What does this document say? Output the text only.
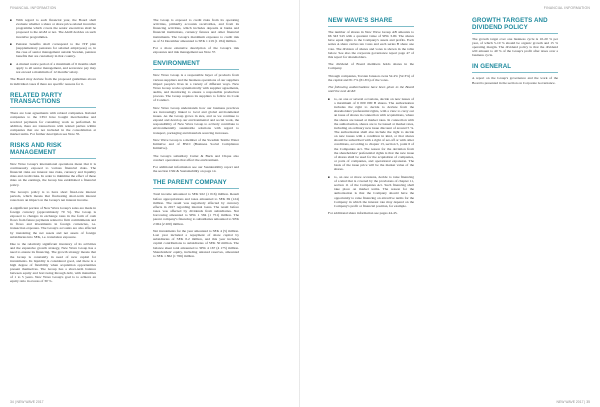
FINANCIAL INFORMATION

■ With regard to each financial year, the Board shall evaluate whether a share or share price-related incentive programme which covers the senior executives shall be proposed to the AGM or not. The AGM decides on such incentive programmes.

■ Pension benefits shall correspond to the ITP plan (supplementary pensions for salaried employees) or, in the case of senior management outside Sweden, pension benefits that are customary in that country.

■ A mutual notice period of a maximum of 6 months shall apply to all senior management, and severance pay may not exceed a maximum of 12 months' salary.

The Board may deviate from the proposed guidelines above in individual cases if there are specific reasons for it.

RELATED PARTY TRANSACTIONS

There are loan agreements with related companies. Related companies to the CEO have bought merchandise and received payments for consulting work as performed. In addition, there are transactions with related parties within companies that are not included in the consolidation at market terms. For further description see Note 35.

RISKS AND RISK MANAGEMENT

New Wave Group's international operations mean that it is continuously exposed to various financial risks. The financial risks are interest rate risks, currency and liquidity risks and credit risks. In order to minimise the effect of these risks on the earnings, the Group has established a financial policy.

The Group's policy is to have short fixed-rate interest periods, which means that fluctuating short-term interest rates have an impact on the Group's net interest income.

A significant portion of New Wave Group's sales are made in foreign currency (approximately 70 %). The Group is exposed to changes in exchange rates in the form of cash flows from future payments related to firm commitments and in flows and investments in foreign currencies, i.e. transaction exposure. The Group's accounts are also affected by translating the net assets and net assets of foreign subsidiaries into SEK, i.e. translation exposure.

Due to the relatively significant inventory of its activities and the expansive growth strategy, New Wave Group has a need to ensure its financing. The growth strategy means that the Group is constantly in need of new capital for investments. Its liquidity is considered good, and there is a high degree of flexibility when acquisition opportunities present themselves. The Group has a short-term balance between equity and borrowing through debt, with maturities of 1 to 5 years. New Wave Group's goal is to achieve an equity ratio in excess of 30 %.

The Group is exposed to credit risks from its operating activities, primarily accounts receivables, and from its financing activities, which includes deposits at banks and financial institutions, currency futures and other financial instruments. The Group's maximum exposure to credit risk as of 31 December amounted to SEK 1 219 (1 184) million.

For a more extensive description of the Group's risk exposures and risk management see Note 37.

ENVIRONMENT

New Wave Group is a responsible buyer of products from various suppliers and the business operations of our suppliers impact people's lives in a variety of different ways. New Wave Group works systematically with supplier agreements, audits, and monitoring to ensure a responsible production process. The Group requires its suppliers to follow its Code of Conduct.

New Wave Group understands how our business practices are increasingly linked to local and global environmental issues. As the Group grows in size, and as we continue to expand and develop our environmental and social work, the responsibility of New Wave Group to actively contribute to environmentally sustainable solutions with regard to transport, packaging and materials sourcing increases.

New Wave Group is a member of the Swedish Textile Water Initiative and of BSCI (Business Social Compliance Initiative).

The Group's subsidiary Cutter & Buck and Clique also conduct operations that affect the environment.

For additional information see our Sustainability report and the section CSR & Sustainability on page 14.

THE PARENT COMPANY

Total income amounted to SEK 922 (1 016) million. Result before appropriations and taxes amounted to SEK 69 (124) million. The result was negatively affected by currency effects in 2017 regarding internal loans. The result before taxes was affected by dividends from subsidiaries. Net borrowing amounted to SEK 1 584 (1 751) million. The parent company's financing to subsidiaries amounted to SEK 2 064 (2 200) million.

Net investments for the year amounted to SEK 4 (5) million. Last year included a repayment of share capital by subsidiaries of SEK 0.2 million, and this year includes capital contributions to subsidiaries of SEK 50 million. The balance sheet total amounted to SEK 4 167 (4 175) million. Shareholders' equity, including untaxed reserves, amounted to SEK 1 862 (1 766) million.

34 | NEW WAVE 2017
FINANCIAL INFORMATION
NEW WAVE'S SHARE

The number of shares in New Wave Group AB amounts to 66 343 543 with a quotient value of SEK 3.00. The shares have equal rights to the Company's assets and profits. Each series A share carries ten votes and each series B share one vote. The division of shares and votes is shown in the table below. See also the corporate governance report page 47 of this report for shareholders.

The dividend of Board members holds shares in the Company.

Through companies, Torsten Jansson owns 52.4% (52.3%) of the capital and 81.7% (81.6%) of the votes.

The following authorisations have been given to the Board until the next AGM:

■ to, on one or several occasions, decide on new issues of a maximum of 6 000 000 B shares. The authorisation includes the right to decide to deviate from the shareholders' preferential rights, with a view to carry out an issue of shares in connection with acquisitions, where the shares are issued at market rates. In connection with the authorisation, shares are to be issued at market rates, including an ordinary new issue discount of around 5 %. The authorization shall also include the right to decide on new issues with a condition in kind, or that shares should be subscribed with a right of set-off or with other conditions, according to chapter 13, section 5, point 6 of the Companies Act. The reason for the deviation from the shareholders' preferential rights is that the new issue of shares shall be used for the acquisition of companies, or parts of companies, and operational expansion. The basis of the issue price will be the market value of the shares.

■ to, on one or more occasions, decide to raise financing of a kind that is covered by the provisions of chapter 11, section 11 of the Companies Act. Such financing shall take place on market terms. The reason for the authorisation is that the Company should have the opportunity to raise financing on attractive terms for the Company in which the interest rate may depend on the Company's profit or financial position, for example.

For additional share information see pages 44-45.

GROWTH TARGETS AND DIVIDEND POLICY

The growth target over one business cycle is 10-20 % per year, of which 5-10 % should be organic growth and 15 % operating margin. The dividend policy is that the dividend will amount to 40 % of the Group's profit after taxes over a business cycle.

IN GENERAL

A report on the Group's governance and the work of the Board is presented in the section on Corporate Governance.

NEW WAVE 2017 | 35
